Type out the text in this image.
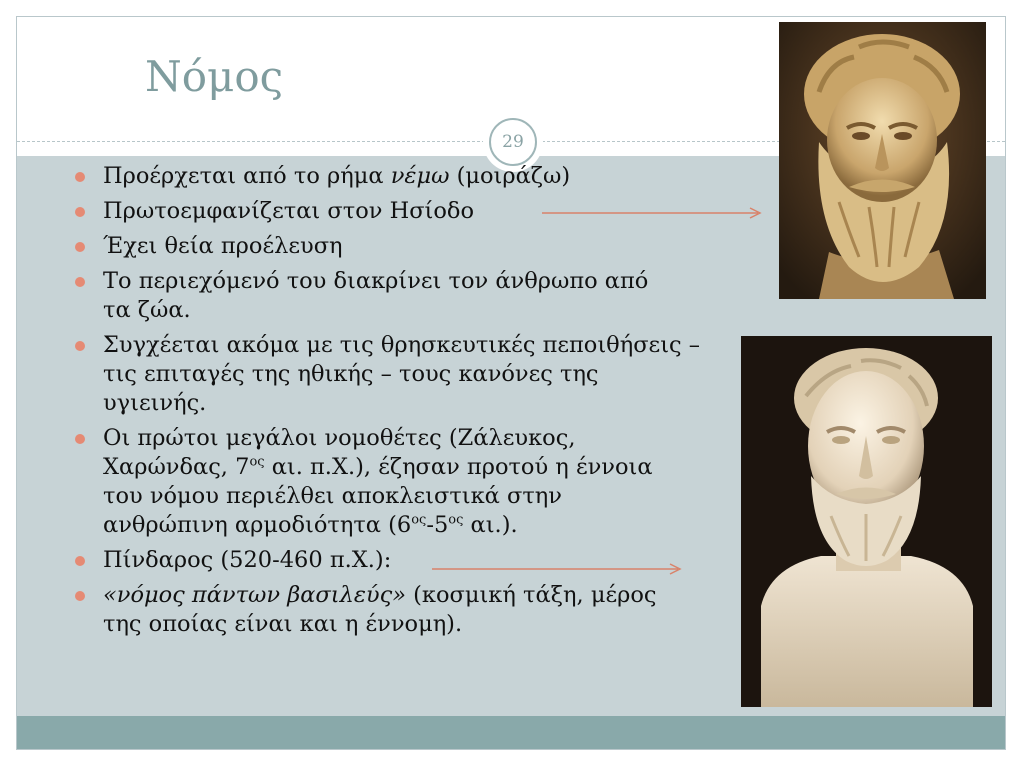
Νόμος
29
Προέρχεται από το ρήμα νέμω (μοιράζω)
Πρωτοεμφανίζεται στον Ησίοδο
Έχει θεία προέλευση
Το περιεχόμενό του διακρίνει τον άνθρωπο από τα ζώα.
Συγχέεται ακόμα με τις θρησκευτικές πεποιθήσεις – τις επιταγές της ηθικής – τους κανόνες της υγιεινής.
Οι πρώτοι μεγάλοι νομοθέτες (Ζάλευκος, Χαρώνδας, $7^{o\varsigma}$ αι. π.Χ.), έζησαν προτού η έννοια του νόμου περιέλθει αποκλειστικά στην ανθρώπινη αρμοδιότητα ($6^{o\varsigma}-5^{o\varsigma}$ αι.).
Πίνδαρος (520-460 π.Χ.):
«νόμος πάντων βασιλεύς» (κοσμική τάξη, μέρος της οποίας είναι και η έννομη).
